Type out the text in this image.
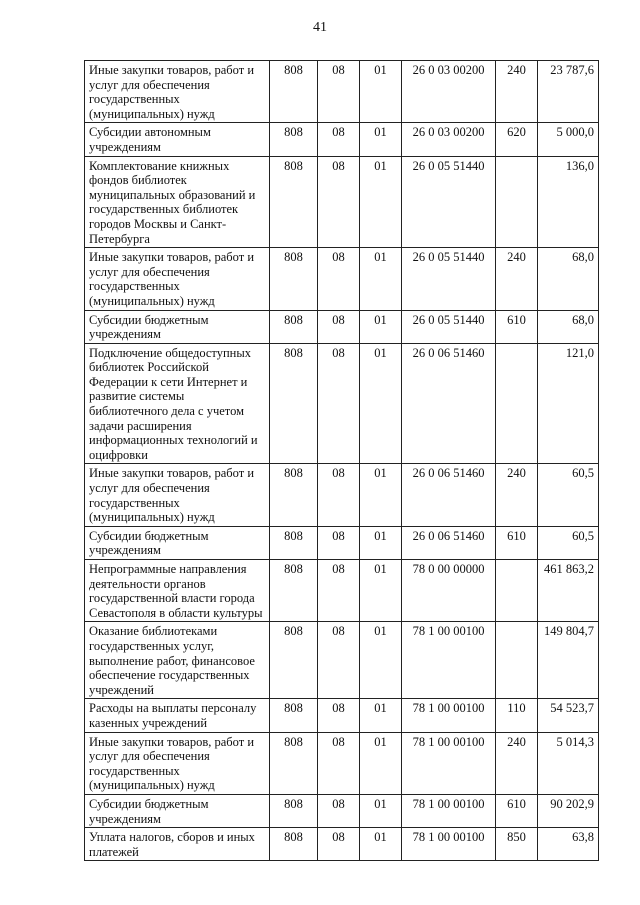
41
Иные закупки товаров, работ и услуг для обеспечения государственных (муниципальных) нужд	808	08	01	26 0 03 00200	240	23 787,6
Субсидии автономным учреждениям	808	08	01	26 0 03 00200	620	5 000,0
Комплектование книжных фондов библиотек муниципальных образований и государственных библиотек городов Москвы и Санкт-Петербурга	808	08	01	26 0 05 51440		136,0
Иные закупки товаров, работ и услуг для обеспечения государственных (муниципальных) нужд	808	08	01	26 0 05 51440	240	68,0
Субсидии бюджетным учреждениям	808	08	01	26 0 05 51440	610	68,0
Подключение общедоступных библиотек Российской Федерации к сети Интернет и развитие системы библиотечного дела с учетом задачи расширения информационных технологий и оцифровки	808	08	01	26 0 06 51460		121,0
Иные закупки товаров, работ и услуг для обеспечения государственных (муниципальных) нужд	808	08	01	26 0 06 51460	240	60,5
Субсидии бюджетным учреждениям	808	08	01	26 0 06 51460	610	60,5
Непрограммные направления деятельности органов государственной власти города Севастополя в области культуры	808	08	01	78 0 00 00000		461 863,2
Оказание библиотеками государственных услуг, выполнение работ, финансовое обеспечение государственных учреждений	808	08	01	78 1 00 00100		149 804,7
Расходы на выплаты персоналу казенных учреждений	808	08	01	78 1 00 00100	110	54 523,7
Иные закупки товаров, работ и услуг для обеспечения государственных (муниципальных) нужд	808	08	01	78 1 00 00100	240	5 014,3
Субсидии бюджетным учреждениям	808	08	01	78 1 00 00100	610	90 202,9
Уплата налогов, сборов и иных платежей	808	08	01	78 1 00 00100	850	63,8
